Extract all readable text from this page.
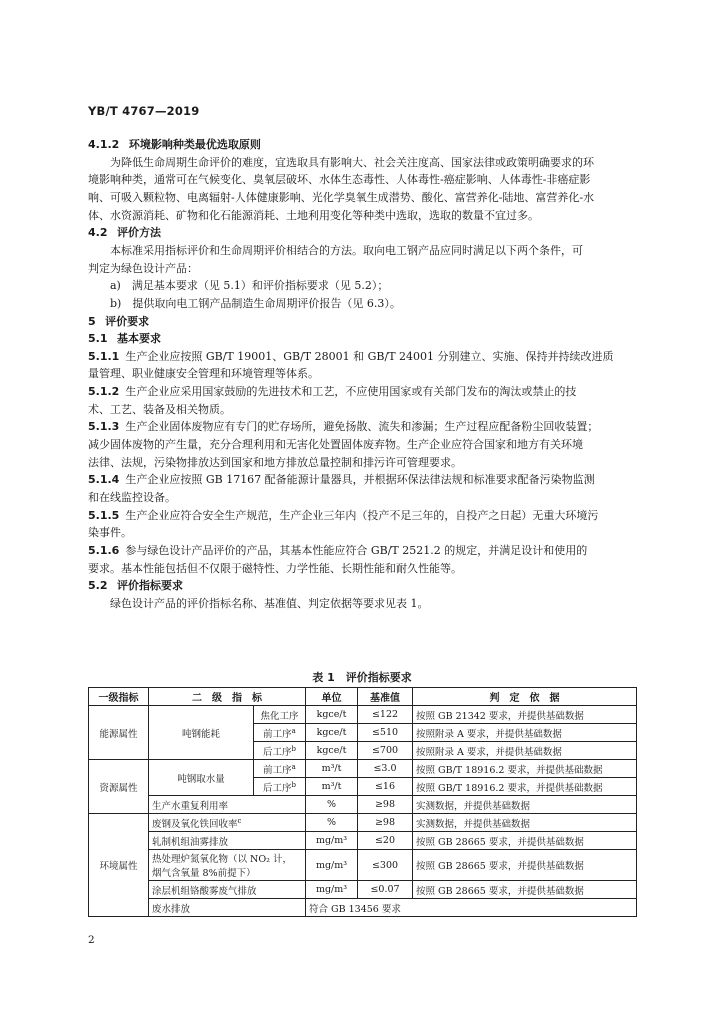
YB/T 4767—2019
4.1.2 环境影响种类最优选取原则
为降低生命周期生命评价的难度，宜选取具有影响大、社会关注度高、国家法律或政策明确要求的环
境影响种类，通常可在气候变化、臭氧层破坏、水体生态毒性、人体毒性-癌症影响、人体毒性-非癌症影
响、可吸入颗粒物、电离辐射-人体健康影响、光化学臭氧生成潜势、酸化、富营养化-陆地、富营养化-水
体、水资源消耗、矿物和化石能源消耗、土地利用变化等种类中选取，选取的数量不宜过多。
4.2 评价方法
本标准采用指标评价和生命周期评价相结合的方法。取向电工钢产品应同时满足以下两个条件，可
判定为绿色设计产品：
a)　满足基本要求（见 5.1）和评价指标要求（见 5.2）；
b)　提供取向电工钢产品制造生命周期评价报告（见 6.3）。
5 评价要求
5.1 基本要求
5.1.1 生产企业应按照 GB/T 19001、GB/T 28001 和 GB/T 24001 分别建立、实施、保持并持续改进质
量管理、职业健康安全管理和环境管理等体系。
5.1.2 生产企业应采用国家鼓励的先进技术和工艺，不应使用国家或有关部门发布的淘汰或禁止的技
术、工艺、装备及相关物质。
5.1.3 生产企业固体废物应有专门的贮存场所，避免扬散、流失和渗漏；生产过程应配备粉尘回收装置；
减少固体废物的产生量，充分合理利用和无害化处置固体废弃物。生产企业应符合国家和地方有关环境
法律、法规，污染物排放达到国家和地方排放总量控制和排污许可管理要求。
5.1.4 生产企业应按照 GB 17167 配备能源计量器具，并根据环保法律法规和标准要求配备污染物监测
和在线监控设备。
5.1.5 生产企业应符合安全生产规范，生产企业三年内（投产不足三年的，自投产之日起）无重大环境污
染事件。
5.1.6 参与绿色设计产品评价的产品，其基本性能应符合 GB/T 2521.2 的规定，并满足设计和使用的
要求。基本性能包括但不仅限于磁特性、力学性能、长期性能和耐久性能等。
5.2 评价指标要求
绿色设计产品的评价指标名称、基准值、判定依据等要求见表 1。
表 1　评价指标要求
一级指标	二　级　指　标		单位	基准值	判　定　依　据
能源属性	吨钢能耗	焦化工序	kgce/t	≤122	按照 GB 21342 要求，并提供基础数据
		前工序$^a$	kgce/t	≤510	按照附录 A 要求，并提供基础数据
		后工序$^b$	kgce/t	≤700	按照附录 A 要求，并提供基础数据
资源属性	吨钢取水量	前工序$^a$	m³/t	≤3.0	按照 GB/T 18916.2 要求，并提供基础数据
		后工序$^b$	m³/t	≤16	按照 GB/T 18916.2 要求，并提供基础数据
	生产水重复利用率		%	≥98	实测数据，并提供基础数据
环境属性	废钢及氧化铁回收率$^c$		%	≥98	实测数据，并提供基础数据
	轧制机组油雾排放		mg/m³	≤20	按照 GB 28665 要求，并提供基础数据
	热处理炉氮氧化物（以 NO₂ 计，
烟气含氧量 8%前提下）		mg/m³	≤300	按照 GB 28665 要求，并提供基础数据
	涂层机组铬酸雾废气排放		mg/m³	≤0.07	按照 GB 28665 要求，并提供基础数据
	废水排放		符合 GB 13456 要求		
2
